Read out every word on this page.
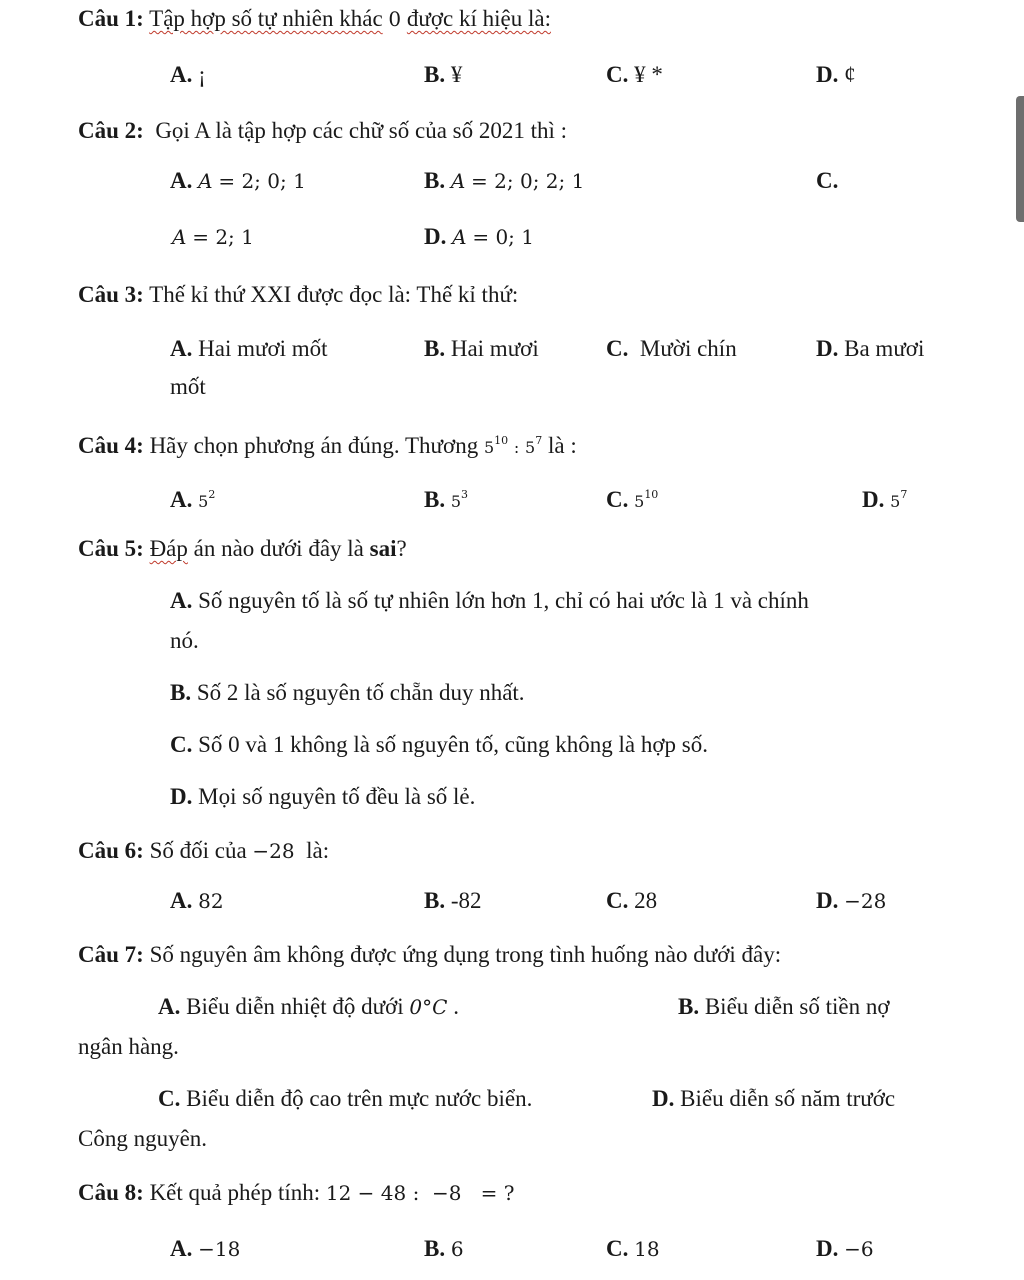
Câu 1: Tập hợp số tự nhiên khác 0 được kí hiệu là:
A. ¡	B. ¥	C. ¥ *	D. ¢
Câu 2: Gọi A là tập hợp các chữ số của số 2021 thì :
A. A = 2; 0; 1	B. A = 2; 0; 2; 1	C.
A = 2; 1	D. A = 0; 1
Câu 3: Thế kỉ thứ XXI được đọc là: Thế kỉ thứ:
A. Hai mươi mốt	B. Hai mươi	C. Mười chín	D. Ba mươi
mốt
Câu 4: Hãy chọn phương án đúng. Thương $5^{10}$ : $5^7$ là :
A. $5^2$	B. $5^3$	C. $5^{10}$	D. $5^7$
Câu 5: Đáp án nào dưới đây là sai?
A. Số nguyên tố là số tự nhiên lớn hơn 1, chỉ có hai ước là 1 và chính
nó.
B. Số 2 là số nguyên tố chẵn duy nhất.
C. Số 0 và 1 không là số nguyên tố, cũng không là hợp số.
D. Mọi số nguyên tố đều là số lẻ.
Câu 6: Số đối của −28 là:
A. 82	B. -82	C. 28	D. −28
Câu 7: Số nguyên âm không được ứng dụng trong tình huống nào dưới đây:
A. Biểu diễn nhiệt độ dưới 0°C .	B. Biểu diễn số tiền nợ
ngân hàng.
C. Biểu diễn độ cao trên mực nước biển.	D. Biểu diễn số năm trước
Công nguyên.
Câu 8: Kết quả phép tính: 12 − 48 :  −8   = ?
A. −18	B. 6	C. 18	D. −6
